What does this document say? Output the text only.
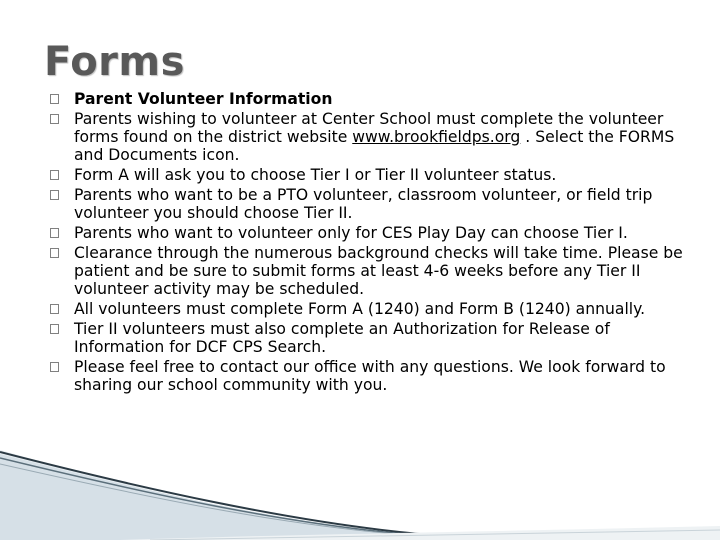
Forms
Parent Volunteer Information
Parents wishing to volunteer at Center School must complete the volunteer forms found on the district website www.brookfieldps.org . Select the FORMS and Documents icon.
Form A will ask you to choose Tier I or Tier II volunteer status.
Parents who want to be a PTO volunteer, classroom volunteer, or field trip volunteer you should choose Tier II.
Parents who want to volunteer only for CES Play Day can choose Tier I.
Clearance through the numerous background checks will take time. Please be patient and be sure to submit forms at least 4-6 weeks before any Tier II volunteer activity may be scheduled.
All volunteers must complete Form A (1240) and Form B (1240) annually.
Tier II volunteers must also complete an Authorization for Release of Information for DCF CPS Search.
Please feel free to contact our office with any questions. We look forward to sharing our school community with you.
